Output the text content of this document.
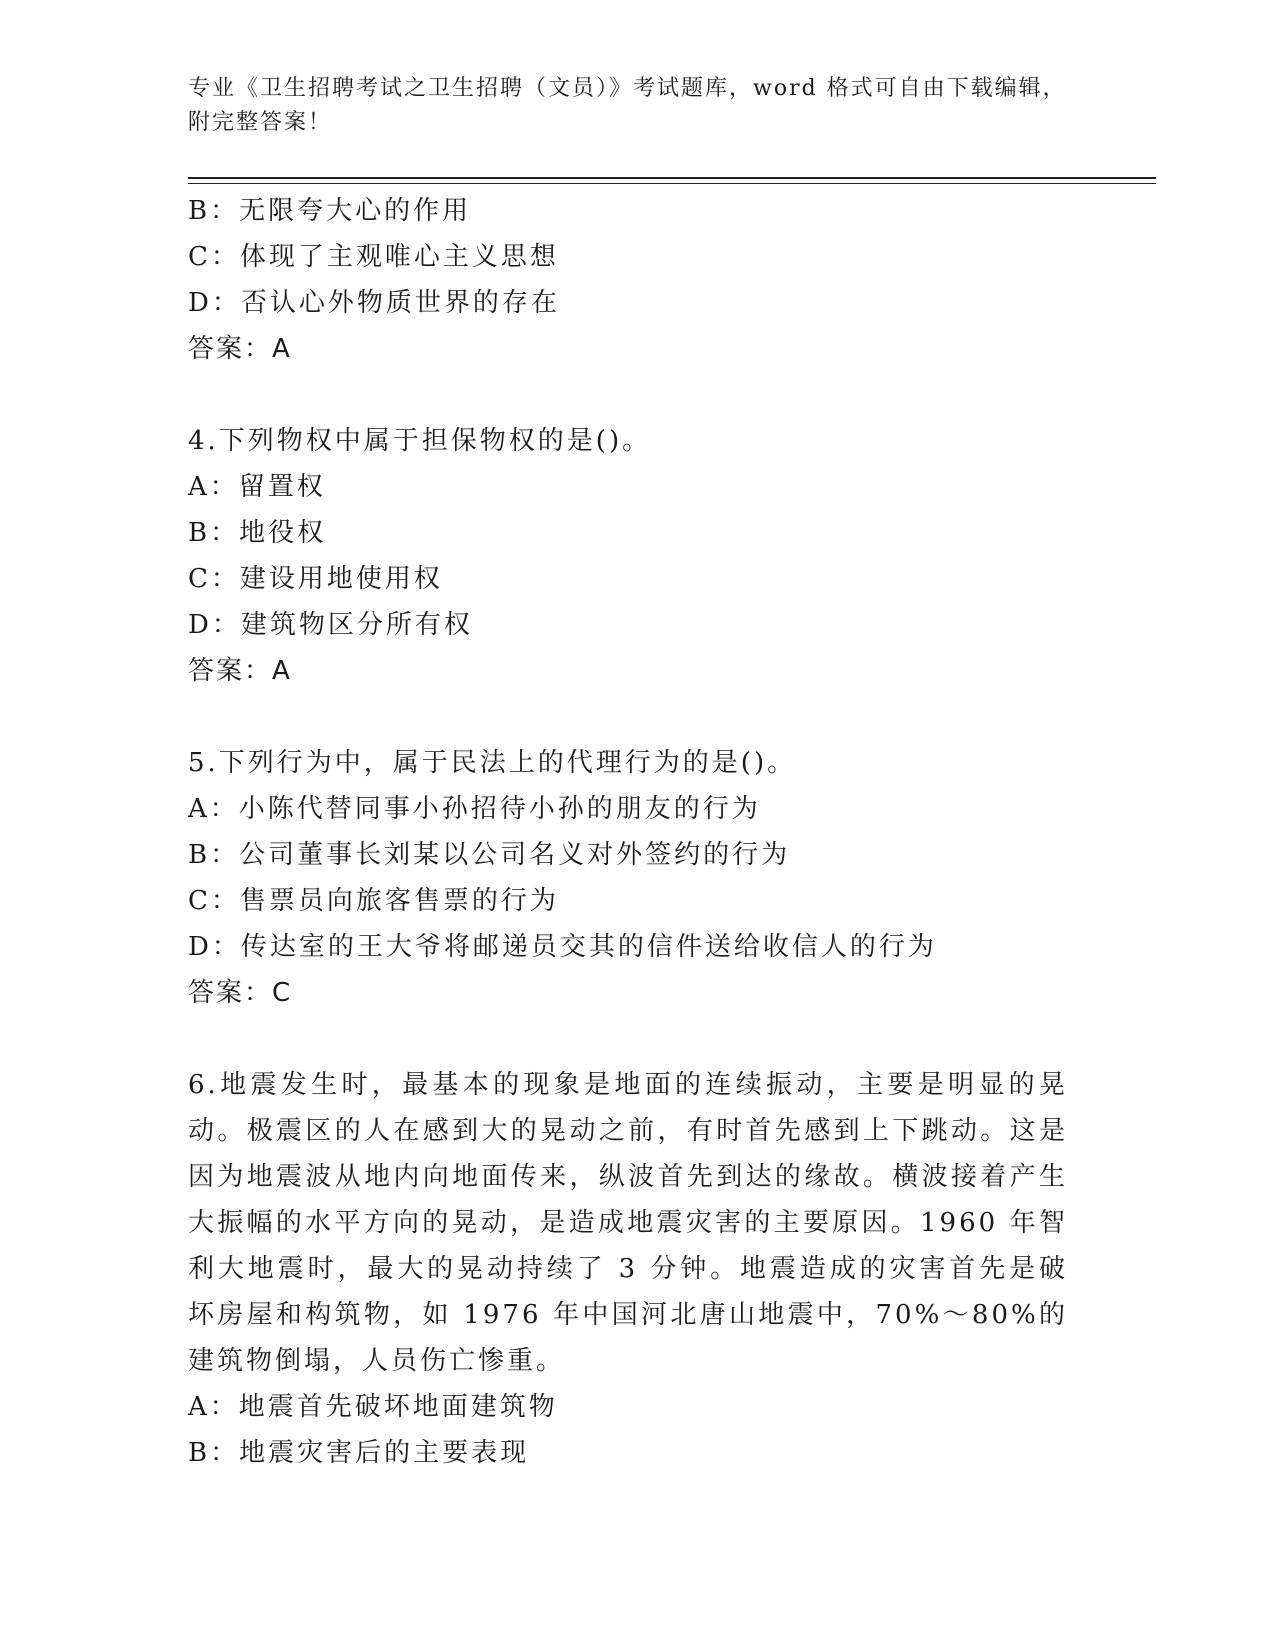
专业《卫生招聘考试之卫生招聘（文员）》考试题库，word 格式可自由下载编辑，附完整答案！

B：无限夸大心的作用
C：体现了主观唯心主义思想
D：否认心外物质世界的存在
答案：A
4.下列物权中属于担保物权的是()。
A：留置权
B：地役权
C：建设用地使用权
D：建筑物区分所有权
答案：A
5.下列行为中，属于民法上的代理行为的是()。
A：小陈代替同事小孙招待小孙的朋友的行为
B：公司董事长刘某以公司名义对外签约的行为
C：售票员向旅客售票的行为
D：传达室的王大爷将邮递员交其的信件送给收信人的行为
答案：C

6.地震发生时，最基本的现象是地面的连续振动，主要是明显的晃动。极震区的人在感到大的晃动之前，有时首先感到上下跳动。这是因为地震波从地内向地面传来，纵波首先到达的缘故。横波接着产生大振幅的水平方向的晃动，是造成地震灾害的主要原因。1960 年智利大地震时，最大的晃动持续了 3 分钟。地震造成的灾害首先是破坏房屋和构筑物，如 1976 年中国河北唐山地震中，70%～80%的建筑物倒塌，人员伤亡惨重。

A：地震首先破坏地面建筑物
B：地震灾害后的主要表现
